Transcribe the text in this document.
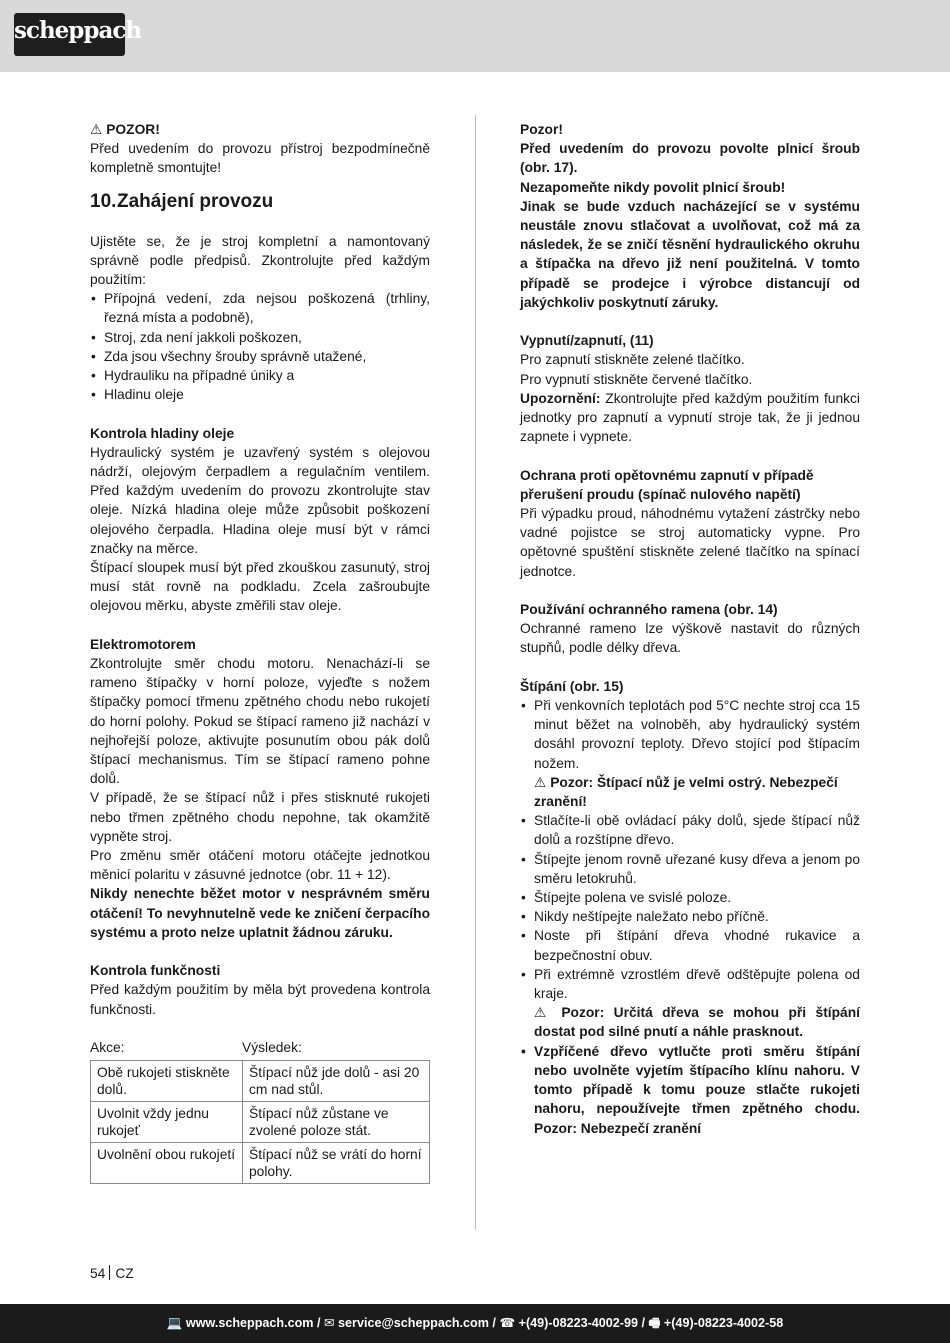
scheppach

⚠ POZOR!

Před uvedením do provozu přístroj bezpodmínečně kompletně smontujte!

10.Zahájení provozu

Ujistěte se, že je stroj kompletní a namontovaný správně podle předpisů. Zkontrolujte před každým použitím:

• Přípojná vedení, zda nejsou poškozená (trhliny, řezná místa a podobně),
• Stroj, zda není jakkoli poškozen,
• Zda jsou všechny šrouby správně utažené,
• Hydrauliku na případné úniky a
• Hladinu oleje

Kontrola hladiny oleje

Hydraulický systém je uzavřený systém s olejovou nádrží, olejovým čerpadlem a regulačním ventilem. Před každým uvedením do provozu zkontrolujte stav oleje. Nízká hladina oleje může způsobit poškození olejového čerpadla. Hladina oleje musí být v rámci značky na měrce.

Štípací sloupek musí být před zkouškou zasunutý, stroj musí stát rovně na podkladu. Zcela zašroubujte olejovou měrku, abyste změřili stav oleje.

Elektromotorem

Zkontrolujte směr chodu motoru. Nenachází-li se rameno štípačky v horní poloze, vyjeďte s nožem štípačky pomocí třmenu zpětného chodu nebo rukojetí do horní polohy. Pokud se štípací rameno již nachází v nejhořejší poloze, aktivujte posunutím obou pák dolů štípací mechanismus. Tím se štípací rameno pohne dolů.

V případě, že se štípací nůž i přes stisknuté rukojeti nebo třmen zpětného chodu nepohne, tak okamžitě vypněte stroj.

Pro změnu směr otáčení motoru otáčejte jednotkou měnicí polaritu v zásuvné jednotce (obr. 11 + 12).

Nikdy nenechte běžet motor v nesprávném směru otáčení! To nevyhnutelně vede ke zničení čerpacího systému a proto nelze uplatnit žádnou záruku.

Kontrola funkčnosti

Před každým použitím by měla být provedena kontrola funkčnosti.

Akce:	Výsledek:
Obě rukojeti stiskněte dolů.	Štípací nůž jde dolů - asi 20 cm nad stůl.
Uvolnit vždy jednu rukojeť	Štípací nůž zůstane ve zvolené poloze stát.
Uvolnění obou rukojetí	Štípací nůž se vrátí do horní polohy.

Pozor!
Před uvedením do provozu povolte plnicí šroub (obr. 17).
Nezapomeňte nikdy povolit plnicí šroub!
Jinak se bude vzduch nacházející se v systému neustále znovu stlačovat a uvolňovat, což má za následek, že se zničí těsnění hydraulického okruhu a štípačka na dřevo již není použitelná. V tomto případě se prodejce i výrobce distancují od jakýchkoliv poskytnutí záruky.

Vypnutí/zapnutí, (11)

Pro zapnutí stiskněte zelené tlačítko.

Pro vypnutí stiskněte červené tlačítko.

Upozornění: Zkontrolujte před každým použitím funkci jednotky pro zapnutí a vypnutí stroje tak, že ji jednou zapnete i vypnete.

Ochrana proti opětovnému zapnutí v případě přerušení proudu (spínač nulového napětí)

Při výpadku proud, náhodnému vytažení zástrčky nebo vadné pojistce se stroj automaticky vypne. Pro opětovné spuštění stiskněte zelené tlačítko na spínací jednotce.

Používání ochranného ramena (obr. 14)

Ochranné rameno lze výškově nastavit do různých stupňů, podle délky dřeva.

Štípání (obr. 15)

• Při venkovních teplotách pod 5°C nechte stroj cca 15 minut běžet na volnoběh, aby hydraulický systém dosáhl provozní teploty. Dřevo stojící pod štípacím nožem.
⚠ Pozor: Štípací nůž je velmi ostrý. Nebezpečí zranění!
• Stlačíte-li obě ovládací páky dolů, sjede štípací nůž dolů a rozštípne dřevo.
• Štípejte jenom rovně uřezané kusy dřeva a jenom po směru letokruhů.
• Štípejte polena ve svislé poloze.
• Nikdy neštípejte naležato nebo příčně.
• Noste při štípání dřeva vhodné rukavice a bezpečnostní obuv.
• Při extrémně vzrostlém dřevě odštěpujte polena od kraje.
⚠ Pozor: Určitá dřeva se mohou při štípání dostat pod silné pnutí a náhle prasknout.
• Vzpříčené dřevo vytlučte proti směru štípání nebo uvolněte vyjetím štípacího klínu nahoru. V tomto případě k tomu pouze stlačte rukojeti nahoru, nepoužívejte třmen zpětného chodu. Pozor: Nebezpečí zranění
54 CZ
💻 www.scheppach.com / ✉ service@scheppach.com / ☎ +(49)-08223-4002-99 / 🖷 +(49)-08223-4002-58
